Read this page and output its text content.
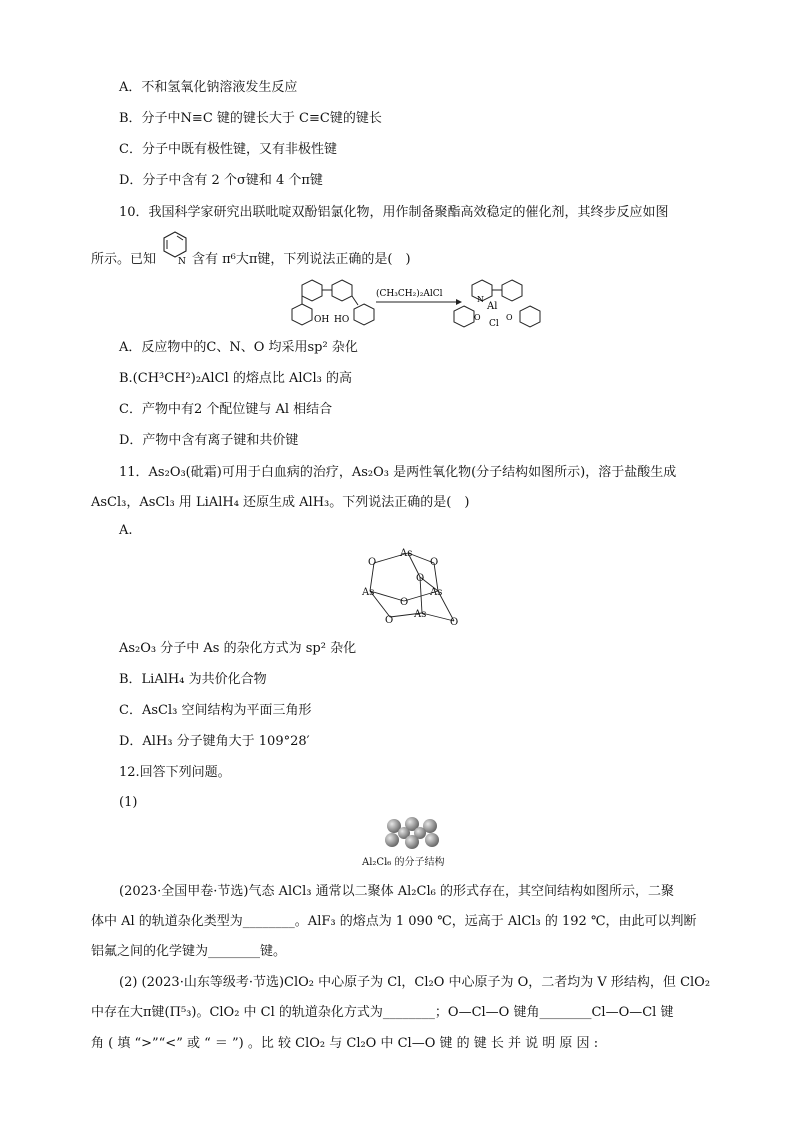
A．不和氢氧化钠溶液发生反应
B．分子中N≡C 键的键长大于 C≡C键的键长
C．分子中既有极性键，又有非极性键
D．分子中含有 2 个σ键和 4 个π键
10．我国科学家研究出联吡啶双酚铝氯化物，用作制备聚酯高效稳定的催化剂，其终步反应如图
所示。已知 N 含有 π⁶大π键，下列说法正确的是(　)
OH HO
(CH₃CH₂)₂AlCl
Al
Cl
N
O	O
A．反应物中的C、N、O 均采用sp² 杂化
B.(CH³CH²)₂AlCl 的熔点比 AlCl₃ 的高
C．产物中有2 个配位键与 Al 相结合
D．产物中含有离子键和共价键
11．As₂O₃(砒霜)可用于白血病的治疗，As₂O₃ 是两性氧化物(分子结构如图所示)，溶于盐酸生成
AsCl₃，AsCl₃ 用 LiAlH₄ 还原生成 AlH₃。下列说法正确的是(　)
A.
As
O	O
O
As	As
O
As
O	O
As₂O₃ 分子中 As 的杂化方式为 sp² 杂化
B．LiAlH₄ 为共价化合物
C．AsCl₃ 空间结构为平面三角形
D．AlH₃ 分子键角大于 109°28′
12.回答下列问题。
(1)
Al₂Cl₆ 的分子结构
(2023·全国甲卷·节选)气态 AlCl₃ 通常以二聚体 Al₂Cl₆ 的形式存在，其空间结构如图所示，二聚
体中 Al 的轨道杂化类型为________。AlF₃ 的熔点为 1 090 ℃，远高于 AlCl₃ 的 192 ℃，由此可以判断
铝氟之间的化学键为________键。
(2) (2023·山东等级考·节选)ClO₂ 中心原子为 Cl，Cl₂O 中心原子为 O，二者均为 V 形结构，但 ClO₂
中存在大π键(Π⁵₃)。ClO₂ 中 Cl 的轨道杂化方式为________；O—Cl—O 键角________Cl—O—Cl 键
角 ( 填 “>”“<” 或 “ ＝ ”) 。比 较 ClO₂ 与 Cl₂O 中 Cl—O 键 的 键 长 并 说 明 原 因 :
